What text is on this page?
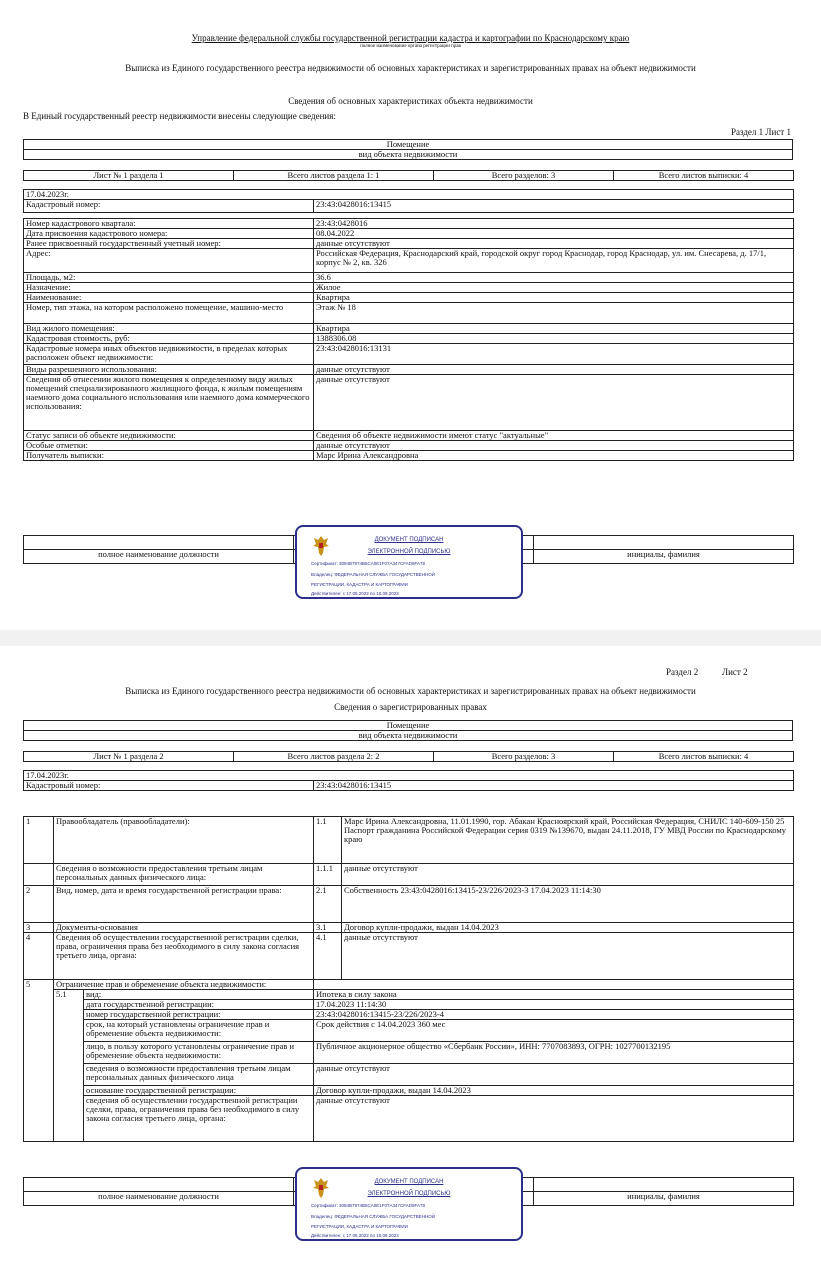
Управление федеральной службы государственной регистрации кадастра и картографии по Краснодарскому краю
полное наименование органа регистрации прав
Выписка из Единого государственного реестра недвижимости об основных характеристиках и зарегистрированных правах на объект недвижимости
Сведения об основных характеристиках объекта недвижимости
В Единый государственный реестр недвижимости внесены следующие сведения:
Раздел 1 Лист 1
Помещение
вид объекта недвижимости
Лист № 1 раздела 1	Всего листов раздела 1: 1	Всего разделов: 3	Всего листов выписки: 4
17.04.2023г.	
Кадастровый номер:	23:43:0428016:13415

Номер кадастрового квартала:	23:43:0428016
Дата присвоения кадастрового номера:	08.04.2022
Ранее присвоенный государственный учетный номер:	данные отсутствуют
Адрес:	Российская Федерация, Краснодарский край, городской округ город Краснодар, город Краснодар, ул. им. Снесарева, д. 17/1, корпус № 2, кв. 326
Площадь, м2:	36.6
Назначение:	Жилое
Наименование:	Квартира
Номер, тип этажа, на котором расположено помещение, машино-место	Этаж № 18
Вид жилого помещения:	Квартира
Кадастровая стоимость, руб:	1388306.08
Кадастровые номера иных объектов недвижимости, в пределах которых расположен объект недвижимости:	23:43:0428016:13131
Виды разрешенного использования:	данные отсутствуют
Сведения об отнесении жилого помещения к определенному виду жилых помещений специализированного жилищного фонда, к жилым помещениям наемного дома социального использования или наемного дома коммерческого использования:	данные отсутствуют
Статус записи об объекте недвижимости:	Сведения об объекте недвижимости имеют статус "актуальные"
Особые отметки:	данные отсутствуют
Получатель выписки:	Марс Ирина Александровна

полное наименование должности		инициалы, фамилия
ДОКУМЕНТ ПОДПИСАН
ЭЛЕКТРОННОЙ ПОДПИСЬЮ
Сертификат: 3094B7974B5CA0E1F07A347CFAD9FA78
Владелец: ФЕДЕРАЛЬНАЯ СЛУЖБА ГОСУДАРСТВЕННОЙ
РЕГИСТРАЦИИ, КАДАСТРА И КАРТОГРАФИИ
Действителен: с 17.05.2022 по 10.08.2023
Раздел 2	Лист 2
Выписка из Единого государственного реестра недвижимости об основных характеристиках и зарегистрированных правах на объект недвижимости
Сведения о зарегистрированных правах
Помещение
вид объекта недвижимости
Лист № 1 раздела 2	Всего листов раздела 2: 2	Всего разделов: 3	Всего листов выписки: 4
17.04.2023г.
Кадастровый номер:	23:43:0428016:13415
1	Правообладатель (правообладатели):		1.1	Марс Ирина Александровна, 11.01.1990, гор. Абакан Красноярский край, Российская Федерация, СНИЛС 140-609-150 25 Паспорт гражданина Российской Федерации серия 0319 №139670, выдан 24.11.2018, ГУ МВД России по Краснодарскому краю
	Сведения о возможности предоставления третьим лицам персональных данных физического лица:		1.1.1	данные отсутствуют
2	Вид, номер, дата и время государственной регистрации права:		2.1	Собственность 23:43:0428016:13415-23/226/2023-3 17.04.2023 11:14:30
3	Документы-основания		3.1	Договор купли-продажи, выдан 14.04.2023
4	Сведения об осуществлении государственной регистрации сделки, права, ограничения права без необходимого в силу закона согласия третьего лица, органа:		4.1	данные отсутствуют
5	Ограничение прав и обременение объекта недвижимости:			
	5.1	вид:	Ипотека в силу закона	
		дата государственной регистрации:	17.04.2023 11:14:30	
		номер государственной регистрации:	23:43:0428016:13415-23/226/2023-4	
		срок, на который установлены ограничение прав и обременение объекта недвижимости:	Срок действия с 14.04.2023 360 мес	
		лицо, в пользу которого установлены ограничение прав и обременение объекта недвижимости:	Публичное акционерное общество «Сбербанк России», ИНН: 7707083893, ОГРН: 1027700132195	
		сведения о возможности предоставления третьим лицам персональных данных физического лица	данные отсутствуют	
		основание государственной регистрации:	Договор купли-продажи, выдан 14.04.2023	
		сведения об осуществлении государственной регистрации сделки, права, ограничения права без необходимого в силу закона согласия третьего лица, органа:	данные отсутствуют	

полное наименование должности		инициалы, фамилия
ДОКУМЕНТ ПОДПИСАН
ЭЛЕКТРОННОЙ ПОДПИСЬЮ
Сертификат: 3094B7974B5CA0E1F07A347CFAD9FA78
Владелец: ФЕДЕРАЛЬНАЯ СЛУЖБА ГОСУДАРСТВЕННОЙ
РЕГИСТРАЦИИ, КАДАСТРА И КАРТОГРАФИИ
Действителен: с 17.05.2022 по 10.08.2023
